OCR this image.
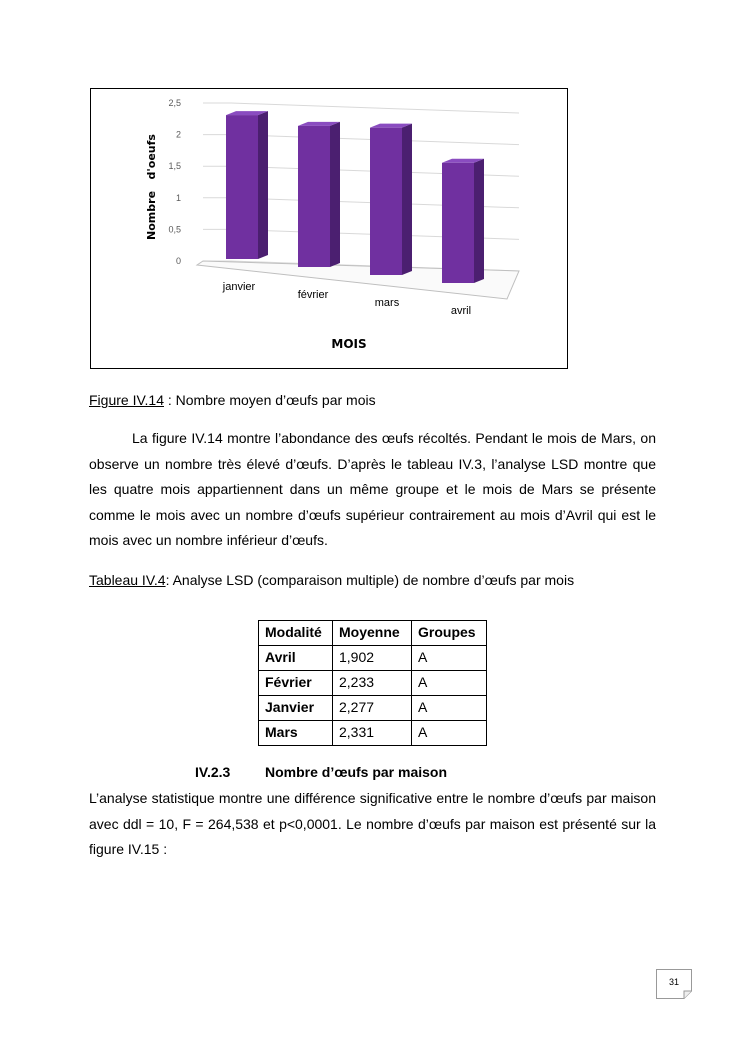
0
0,5
1
1,5
2
2,5
janvier
février
mars
avril
Nombre   d'oeufs
MOIS
Figure IV.14 : Nombre moyen d’œufs par mois

La figure IV.14 montre l’abondance des œufs récoltés. Pendant le mois de Mars, on observe un nombre très élevé d’œufs. D’après le tableau IV.3, l’analyse LSD montre que les quatre mois appartiennent dans un même groupe et le mois de Mars se présente comme le mois avec un nombre d’œufs supérieur contrairement au mois d’Avril qui est le mois avec un nombre inférieur d’œufs.

Tableau IV.4: Analyse LSD (comparaison multiple) de nombre d’œufs par mois
Modalité	Moyenne	Groupes
Avril	1,902	A
Février	2,233	A
Janvier	2,277	A
Mars	2,331	A
IV.2.3 Nombre d’œufs par maison

L’analyse statistique montre une différence significative entre le nombre d’œufs par maison avec ddl = 10, F = 264,538 et p<0,0001. Le nombre d’œufs par maison est présenté sur la figure IV.15 :

31
